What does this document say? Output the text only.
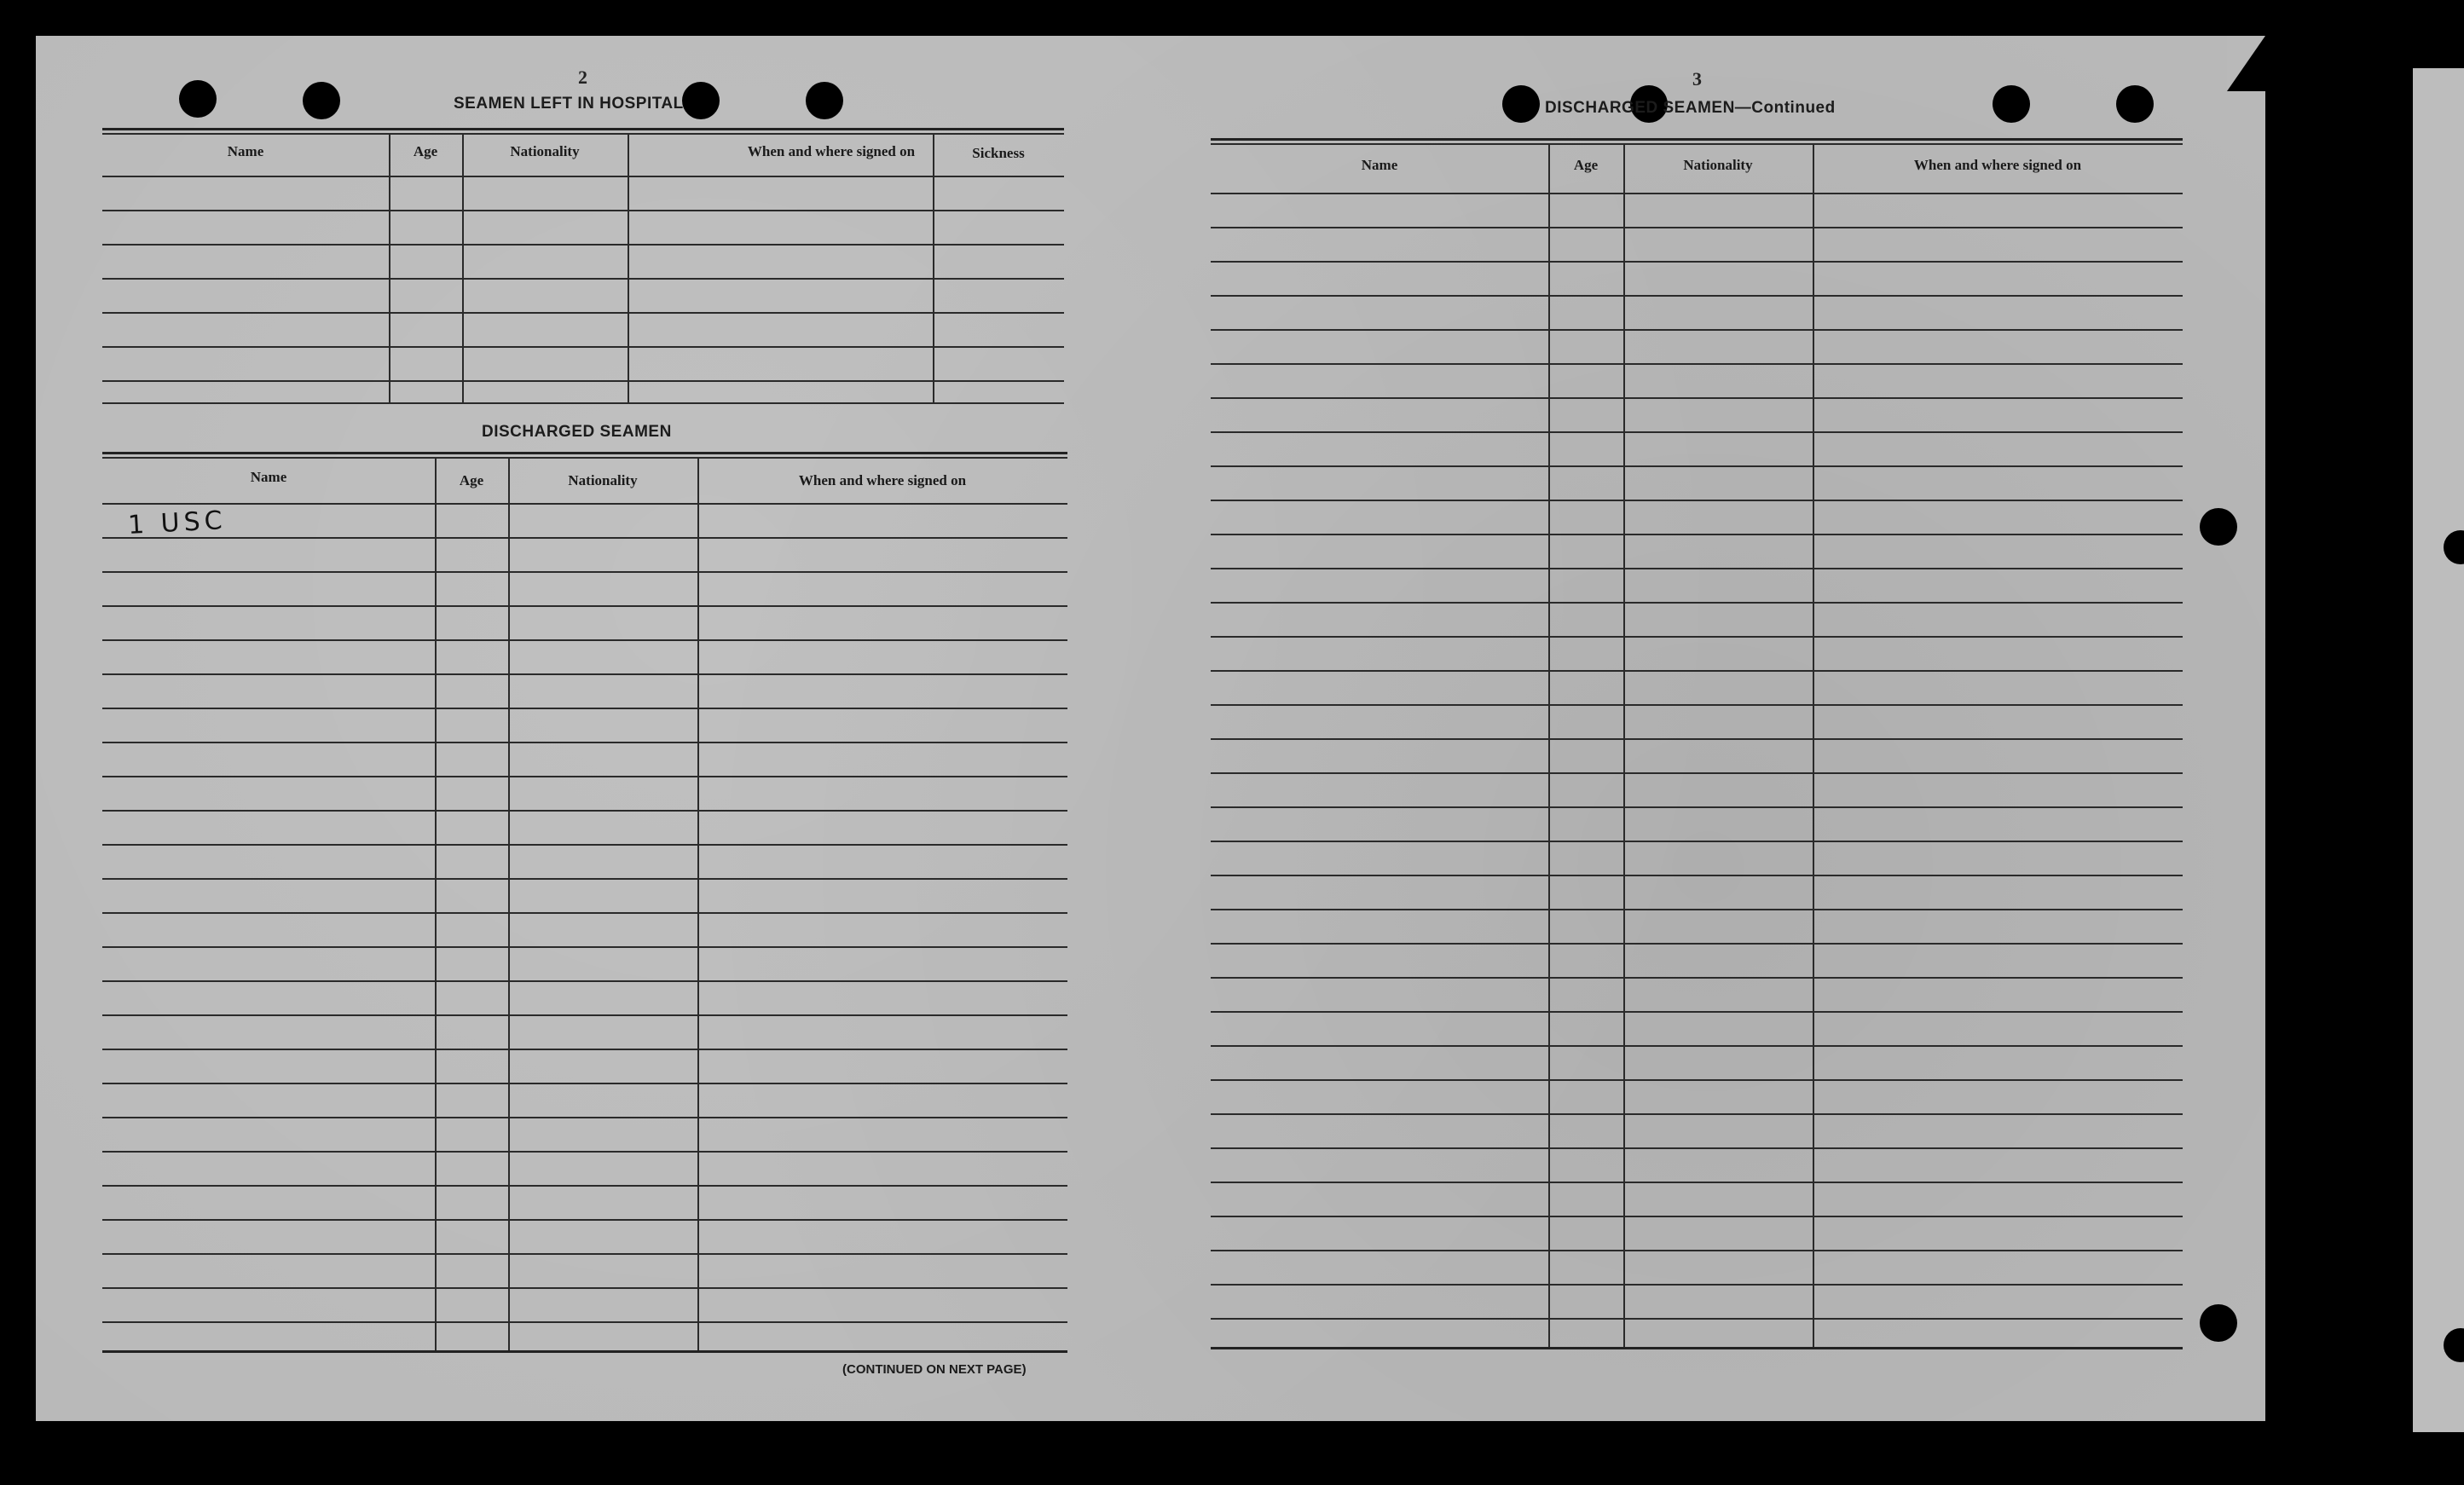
2
SEAMEN LEFT IN HOSPITAL
Name	Age	Nationality	When and where signed on	Sickness
DISCHARGED SEAMEN
Name	Age	Nationality	When and where signed on
1 USC
(CONTINUED ON NEXT PAGE)
3
DISCHARGED SEAMEN—Continued
Name	Age	Nationality	When and where signed on
